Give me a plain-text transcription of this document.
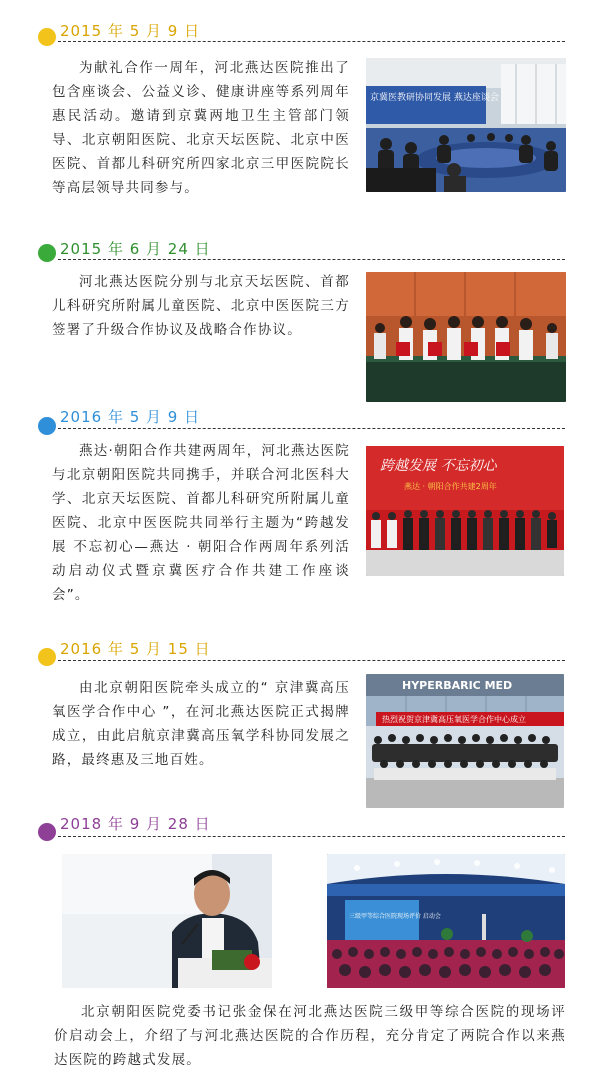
2015 年 5 月 9 日
为献礼合作一周年，河北燕达医院推出了包含座谈会、公益义诊、健康讲座等系列周年惠民活动。邀请到京冀两地卫生主管部门领导、北京朝阳医院、北京天坛医院、北京中医医院、首都儿科研究所四家北京三甲医院院长等高层领导共同参与。
京冀医教研协同发展 燕达座谈会
2015 年 6 月 24 日
河北燕达医院分别与北京天坛医院、首都儿科研究所附属儿童医院、北京中医医院三方签署了升级合作协议及战略合作协议。
2016 年 5 月 9 日
燕达·朝阳合作共建两周年，河北燕达医院与北京朝阳医院共同携手，并联合河北医科大学、北京天坛医院、首都儿科研究所附属儿童医院、北京中医医院共同举行主题为“跨越发展 不忘初心—燕达 · 朝阳合作两周年系列活动启动仪式暨京冀医疗合作共建工作座谈会”。
跨越发展 不忘初心
燕达 · 朝阳合作共建2周年
2016 年 5 月 15 日
由北京朝阳医院牵头成立的“ 京津冀高压氧医学合作中心 ”，在河北燕达医院正式揭牌成立，由此启航京津冀高压氧学科协同发展之路，最终惠及三地百姓。
HYPERBARIC MED
热烈祝贺京津冀高压氧医学合作中心成立
2018 年 9 月 28 日
三级甲等综合医院现场评价 启动会
北京朝阳医院党委书记张金保在河北燕达医院三级甲等综合医院的现场评价启动会上，介绍了与河北燕达医院的合作历程，充分肯定了两院合作以来燕达医院的跨越式发展。
